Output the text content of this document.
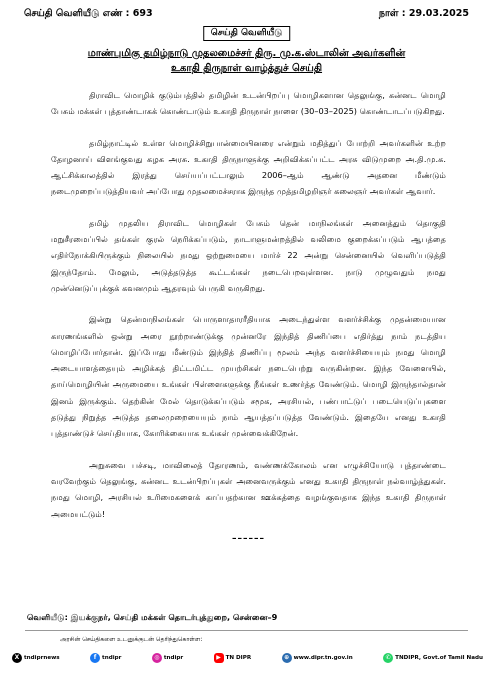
செய்தி வெளியீடு எண் : 693	நாள் : 29.03.2025
செய்தி வெளியீடு
மாண்புமிகு தமிழ்நாடு முதலமைச்சர் திரு. மு.க.ஸ்டாலின் அவர்களின்
உகாதி திருநாள் வாழ்த்துச் செய்தி

திராவிட மொழிக் குடும்பத்தில் தமிழின் உடன்பிறப்பு மொழிகளான தெலுங்கு, கன்னட மொழி பேசும் மக்கள் புத்தாண்டாகக் கொண்டாடும் உகாதி திருநாள் நாளை (30–03–2025) கொண்டாடப்படுகிறது.

தமிழ்நாட்டில் உள்ள மொழிச்சிறுபான்மையினரை என்றும் மதித்துப் போற்றி அவர்களின் உற்ற தோழனாய் விளங்குவது கழக அரசு. உகாதி திருநாளுக்கு அறிவிக்கப்பட்ட அரசு விடுமுறை அ.தி.மு.க. ஆட்சிக்காலத்தில் இரத்து செய்யப்பட்டாலும் 2006–ஆம் ஆண்டு அதனை மீண்டும் நடைமுறைப்படுத்தியவர் அப்போது முதலமைச்சராக இருந்த முத்தமிழறிஞர் கலைஞர் அவர்கள் ஆவார்.

தமிழ் முதலிய திராவிட மொழிகள் பேசும் தென் மாநிலங்கள் அனைத்தும் தொகுதி மறுசீரமைப்பில் தங்கள் குரல் நெரிக்கப்படும், நாடாளுமன்றத்தில் வலிமை குறைக்கப்படும் ஆபத்தை எதிர்நோக்கியிருக்கும் நிலையில் நமது ஒற்றுமையை மார்ச் 22 அன்று சென்னையில் வெளிப்படுத்தி இருந்தோம். மேலும், அடுத்தடுத்த கூட்டங்கள் நடைபெறவுள்ளன. நாடு முழுவதும் நமது முன்னெடுப்புக்குக் கவனமும் ஆதரவும் பெருகி வருகிறது.

இன்று தென்மாநிலங்கள் பொருளாதாரரீதியாக அடைந்துள்ள வளர்ச்சிக்கு முதன்மையான காரணங்களில் ஒன்று அரை நூற்றாண்டுக்கு முன்னரே இந்தித் திணிப்பை எதிர்த்து நாம் நடத்திய மொழிப்போர்தான். இப்போது மீண்டும் இந்தித் திணிப்பு மூலம் அந்த வளர்ச்சியையும் நமது மொழி அடையாளத்தையும் அழிக்கத் திட்டமிட்ட முயற்சிகள் நடைபெற்று வருகின்றன. இந்த வேளையில், தாய்மொழியின் அருமையை உங்கள் பிள்ளைகளுக்கு நீங்கள் உணர்த்த வேண்டும். மொழி இருந்தால்தான் இனம் இருக்கும். தெற்கின் மேல் தொடுக்கப்படும் சமூக, அரசியல், பண்பாட்டுப் படையெடுப்புகளை தடுத்து நிறுத்த அடுத்த தலைமுறையையும் நாம் ஆயத்தப்படுத்த வேண்டும். இதையே எனது உகாதி புத்தாண்டுச் செய்தியாக, கோரிக்கையாக உங்கள் முன்வைக்கிறேன்.

அறுசுவை பச்சடி, மாவிலைத் தோரணம், வண்ணக்கோலம் என எழுச்சியோடு புத்தாண்டை வரவேற்கும் தெலுங்கு, கன்னட உடன்பிறப்புகள் அனைவருக்கும் எனது உகாதி திருநாள் நல்வாழ்த்துகள். நமது மொழி, அரசியல் உரிமைகளைக் காப்பதற்கான ஊக்கத்தை வழங்குவதாக இந்த உகாதி திருநாள் அமையட்டும்!

––––––
வெளியீடு: இயக்குநர், செய்தி மக்கள் தொடர்புத்துறை, சென்னை–9
அரசின் செய்திகளை உடனுக்குடன் தெரிந்துகொள்ள:
X tndiprnews	f	tndipr	◎ tndipr	▶ TN DIPR	⊕ www.dipr.tn.gov.in	✆ TNDIPR, Govt.of Tamil Nadu
